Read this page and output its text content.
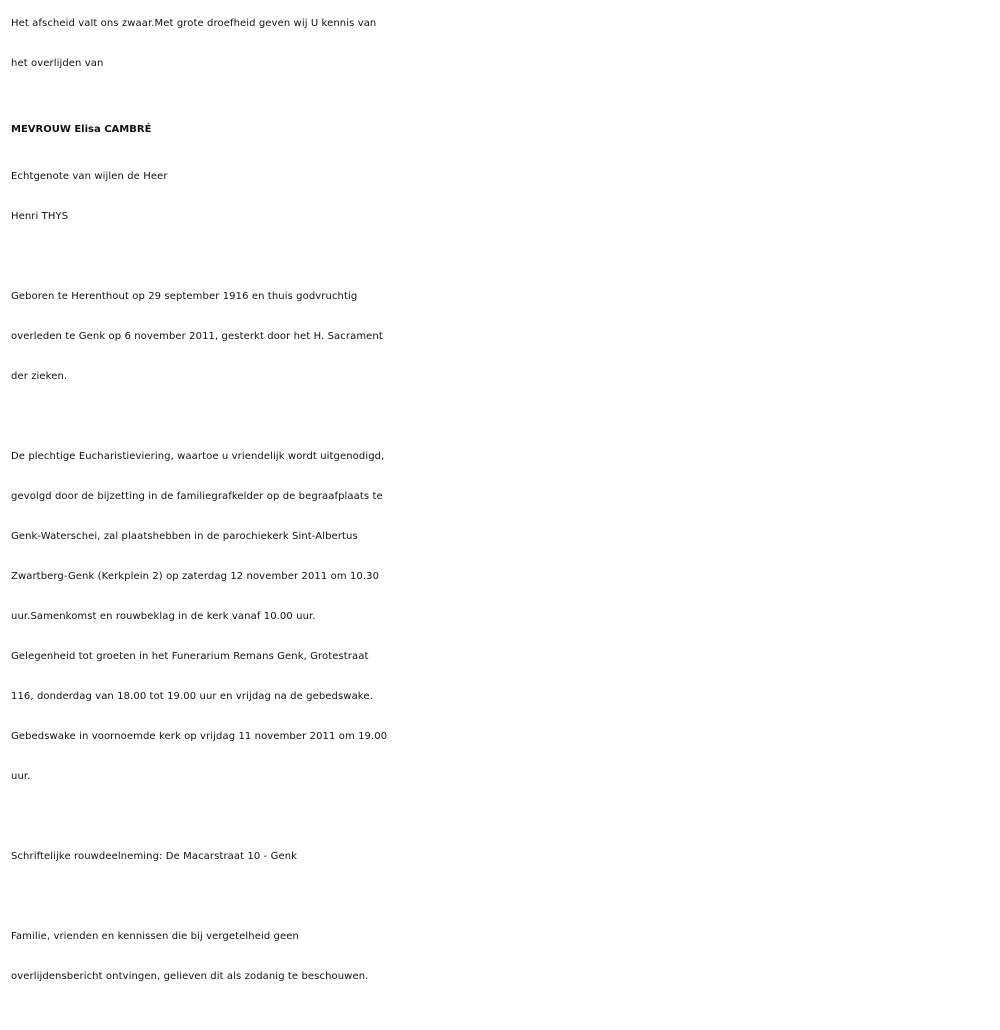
Het afscheid valt ons zwaar.Met grote droefheid geven wij U kennis van
het overlijden van
MEVROUW Elisa CAMBRÉ
Echtgenote van wijlen de Heer
Henri THYS
Geboren te Herenthout op 29 september 1916 en thuis godvruchtig
overleden te Genk op 6 november 2011, gesterkt door het H. Sacrament
der zieken.
De plechtige Eucharistieviering, waartoe u vriendelijk wordt uitgenodigd,
gevolgd door de bijzetting in de familiegrafkelder op de begraafplaats te
Genk-Waterschei, zal plaatshebben in de parochiekerk Sint-Albertus
Zwartberg-Genk (Kerkplein 2) op zaterdag 12 november 2011 om 10.30
uur.Samenkomst en rouwbeklag in de kerk vanaf 10.00 uur.
Gelegenheid tot groeten in het Funerarium Remans Genk, Grotestraat
116, donderdag van 18.00 tot 19.00 uur en vrijdag na de gebedswake.
Gebedswake in voornoemde kerk op vrijdag 11 november 2011 om 19.00
uur.
Schriftelijke rouwdeelneming: De Macarstraat 10 - Genk
Familie, vrienden en kennissen die bij vergetelheid geen
overlijdensbericht ontvingen, gelieven dit als zodanig te beschouwen.
